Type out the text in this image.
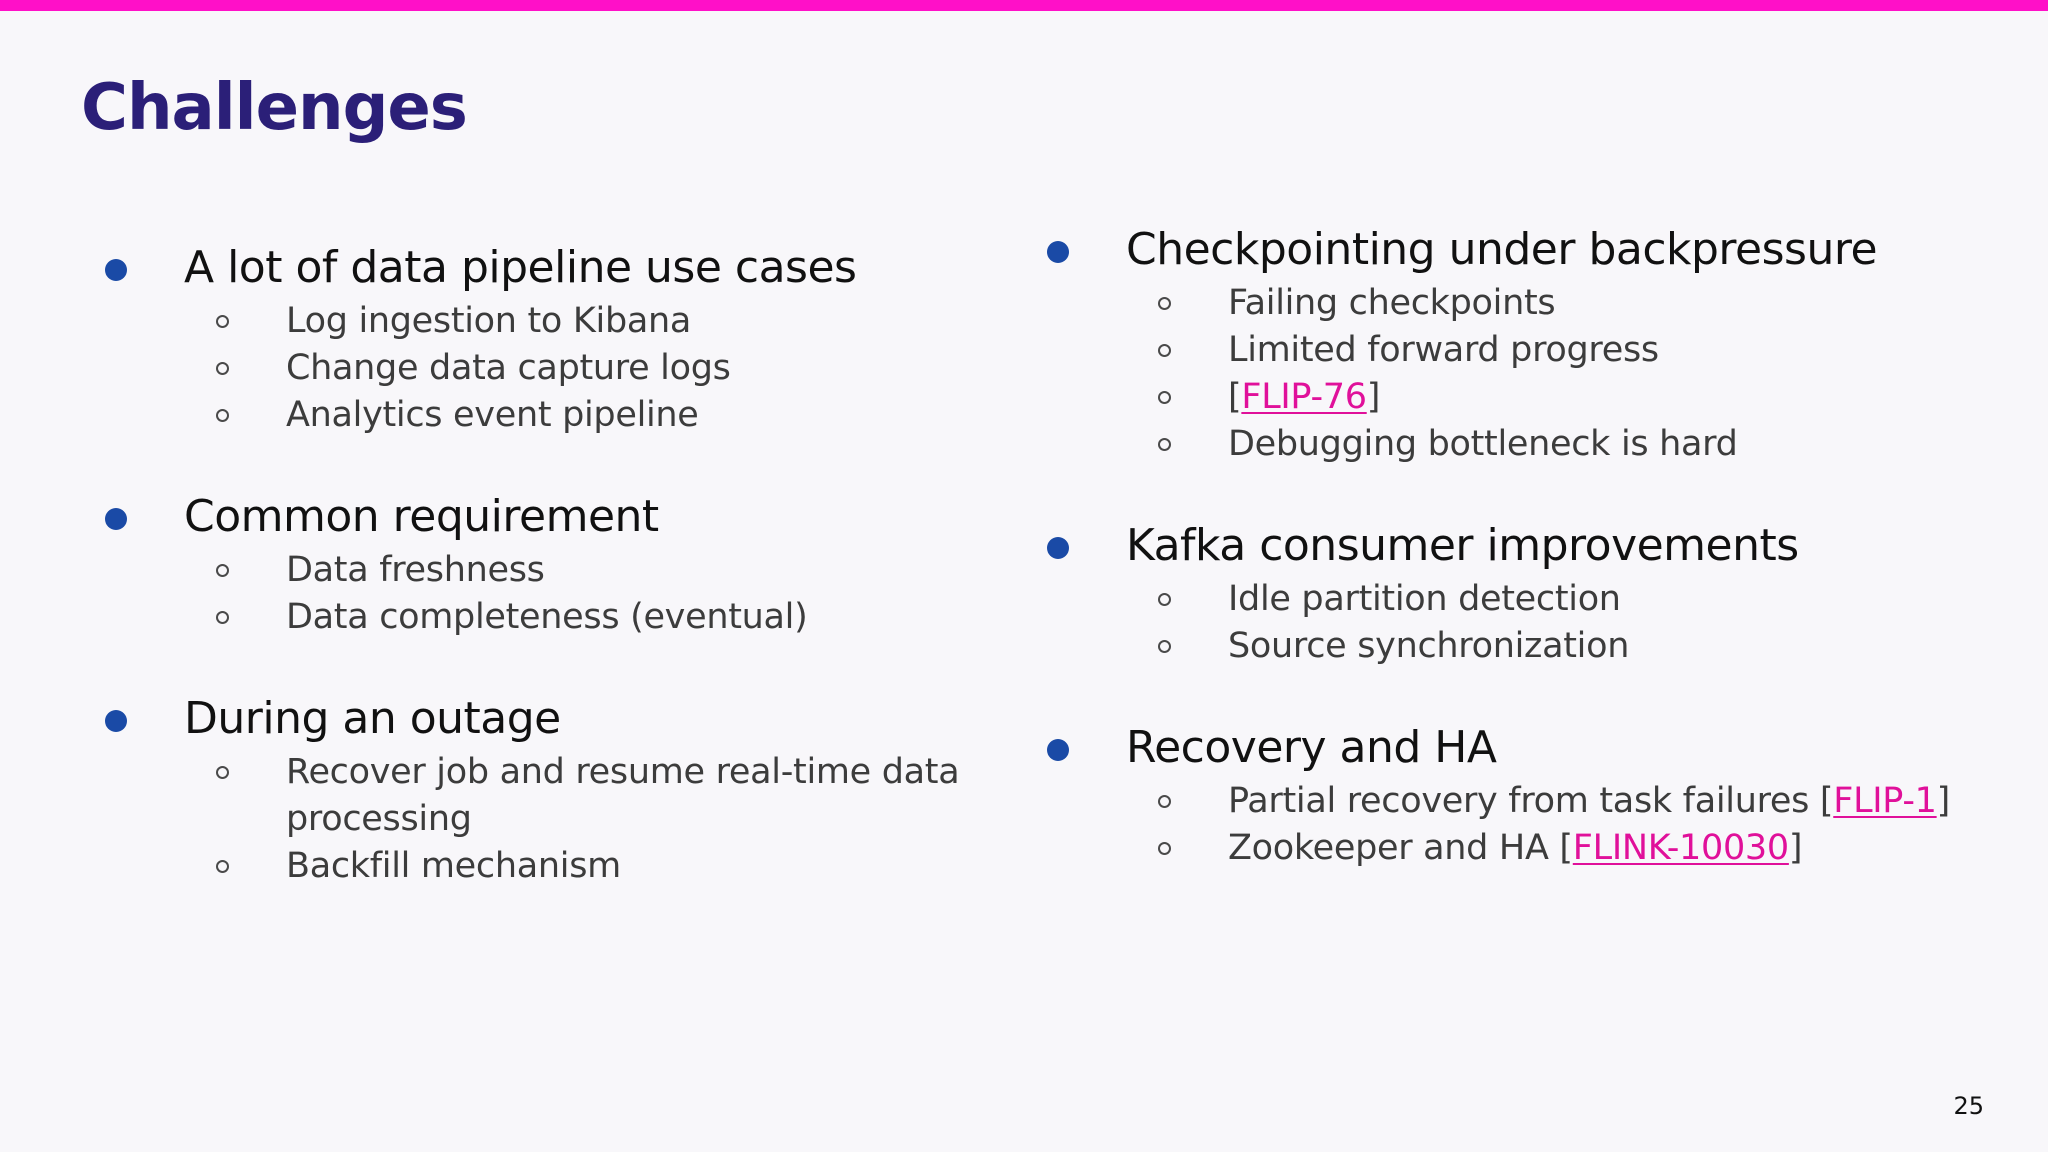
Challenges
A lot of data pipeline use cases
Log ingestion to Kibana
Change data capture logs
Analytics event pipeline
Common requirement
Data freshness
Data completeness (eventual)
During an outage
Recover job and resume real-time data processing
Backfill mechanism
Checkpointing under backpressure
Failing checkpoints
Limited forward progress
[FLIP-76]
Debugging bottleneck is hard
Kafka consumer improvements
Idle partition detection
Source synchronization
Recovery and HA
Partial recovery from task failures [FLIP-1]
Zookeeper and HA [FLINK-10030]
25
